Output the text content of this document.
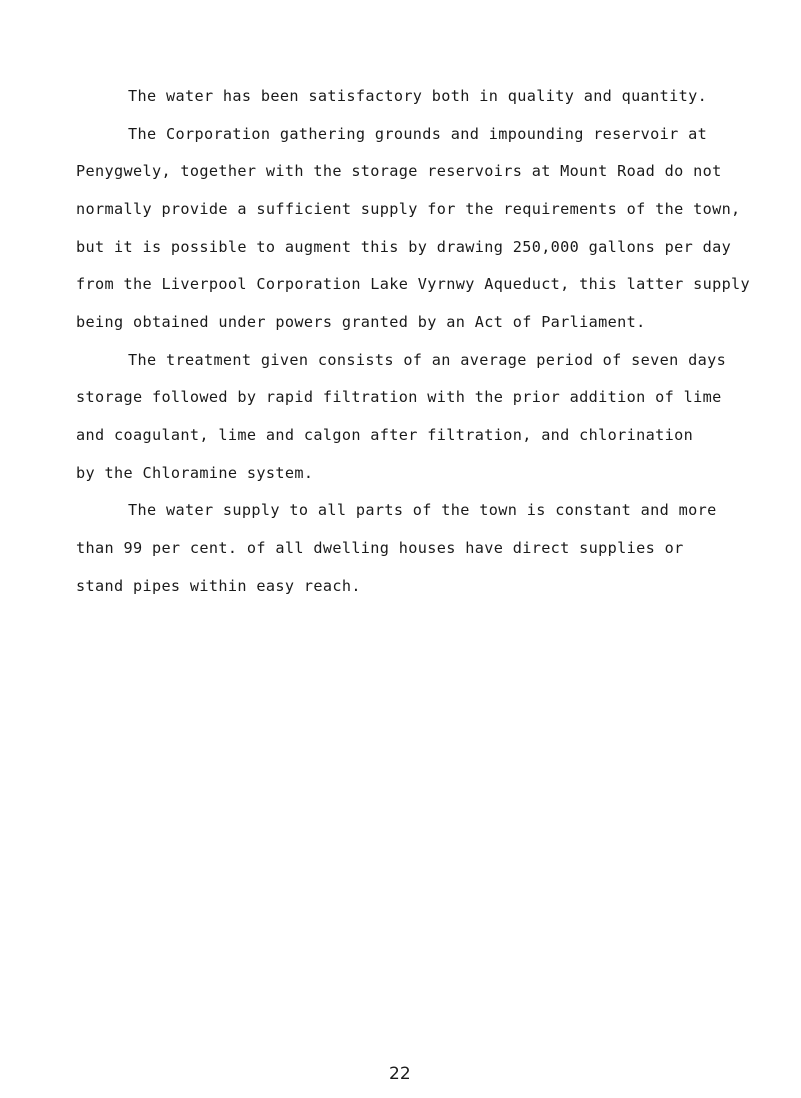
The water has been satisfactory both in quality and quantity.
The Corporation gathering grounds and impounding reservoir at
Penygwely, together with the storage reservoirs at Mount Road do not
normally provide a sufficient supply for the requirements of the town,
but it is possible to augment this by drawing 250,000 gallons per day
from the Liverpool Corporation Lake Vyrnwy Aqueduct, this latter supply
being obtained under powers granted by an Act of Parliament.
The treatment given consists of an average period of seven days
storage followed by rapid filtration with the prior addition of lime
and coagulant, lime and calgon after filtration, and chlorination
by the Chloramine system.
The water supply to all parts of the town is constant and more
than 99 per cent. of all dwelling houses have direct supplies or
stand pipes within easy reach.
22
